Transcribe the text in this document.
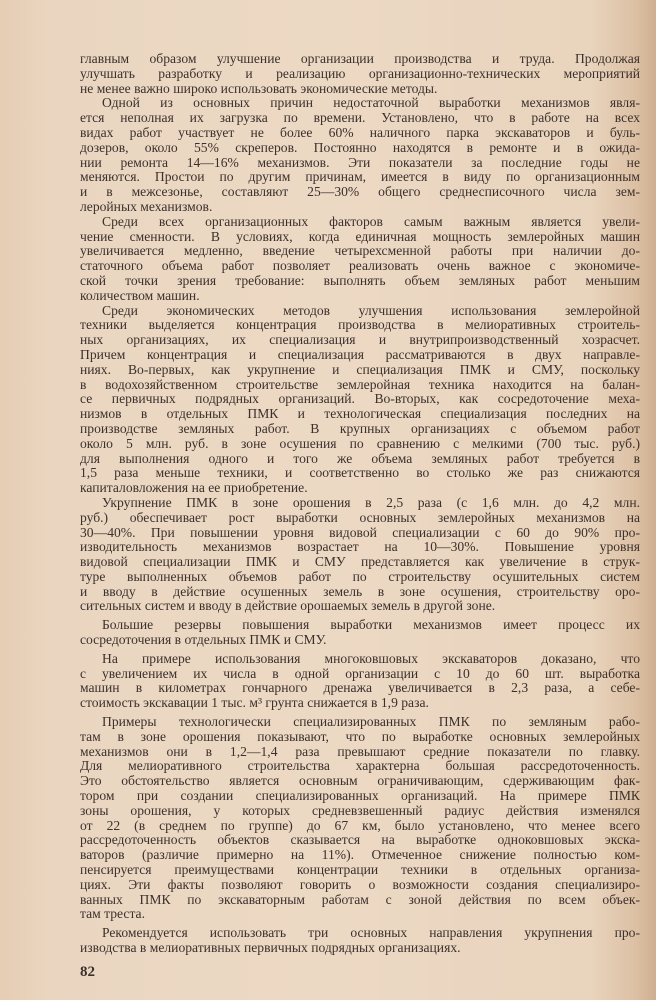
главным образом улучшение организации производства и труда. Продолжая
улучшать разработку и реализацию организационно-технических мероприятий
не менее важно широко использовать экономические методы.
Одной из основных причин недостаточной выработки механизмов явля-
ется неполная их загрузка по времени. Установлено, что в работе на всех
видах работ участвует не более 60% наличного парка экскаваторов и буль-
дозеров, около 55% скреперов. Постоянно находятся в ремонте и в ожида-
нии ремонта 14—16% механизмов. Эти показатели за последние годы не
меняются. Простои по другим причинам, имеется в виду по организационным
и в межсезонье, составляют 25—30% общего среднесписочного числа зем-
леройных механизмов.
Среди всех организационных факторов самым важным является увели-
чение сменности. В условиях, когда единичная мощность землеройных машин
увеличивается медленно, введение четырехсменной работы при наличии до-
статочного объема работ позволяет реализовать очень важное с экономиче-
ской точки зрения требование: выполнять объем земляных работ меньшим
количеством машин.
Среди экономических методов улучшения использования землеройной
техники выделяется концентрация производства в мелиоративных строитель-
ных организациях, их специализация и внутрипроизводственный хозрасчет.
Причем концентрация и специализация рассматриваются в двух направле-
ниях. Во-первых, как укрупнение и специализация ПМК и СМУ, поскольку
в водохозяйственном строительстве землеройная техника находится на балан-
се первичных подрядных организаций. Во-вторых, как сосредоточение меха-
низмов в отдельных ПМК и технологическая специализация последних на
производстве земляных работ. В крупных организациях с объемом работ
около 5 млн. руб. в зоне осушения по сравнению с мелкими (700 тыс. руб.)
для выполнения одного и того же объема земляных работ требуется в
1,5 раза меньше техники, и соответственно во столько же раз снижаются
капиталовложения на ее приобретение.
Укрупнение ПМК в зоне орошения в 2,5 раза (с 1,6 млн. до 4,2 млн.
руб.) обеспечивает рост выработки основных землеройных механизмов на
30—40%. При повышении уровня видовой специализации с 60 до 90% про-
изводительность механизмов возрастает на 10—30%. Повышение уровня
видовой специализации ПМК и СМУ представляется как увеличение в струк-
туре выполненных объемов работ по строительству осушительных систем
и вводу в действие осушенных земель в зоне осушения, строительству оро-
сительных систем и вводу в действие орошаемых земель в другой зоне.
Большие резервы повышения выработки механизмов имеет процесс их
сосредоточения в отдельных ПМК и СМУ.
На примере использования многоковшовых экскаваторов доказано, что
с увеличением их числа в одной организации с 10 до 60 шт. выработка
машин в километрах гончарного дренажа увеличивается в 2,3 раза, а себе-
стоимость экскавации 1 тыс. м³ грунта снижается в 1,9 раза.
Примеры технологически специализированных ПМК по земляным рабо-
там в зоне орошения показывают, что по выработке основных землеройных
механизмов они в 1,2—1,4 раза превышают средние показатели по главку.
Для мелиоративного строительства характерна большая рассредоточенность.
Это обстоятельство является основным ограничивающим, сдерживающим фак-
тором при создании специализированных организаций. На примере ПМК
зоны орошения, у которых средневзвешенный радиус действия изменялся
от 22 (в среднем по группе) до 67 км, было установлено, что менее всего
рассредоточенность объектов сказывается на выработке одноковшовых экска-
ваторов (различие примерно на 11%). Отмеченное снижение полностью ком-
пенсируется преимуществами концентрации техники в отдельных организа-
циях. Эти факты позволяют говорить о возможности создания специализиро-
ванных ПМК по экскаваторным работам с зоной действия по всем объек-
там треста.
Рекомендуется использовать три основных направления укрупнения про-
изводства в мелиоративных первичных подрядных организациях.
82
